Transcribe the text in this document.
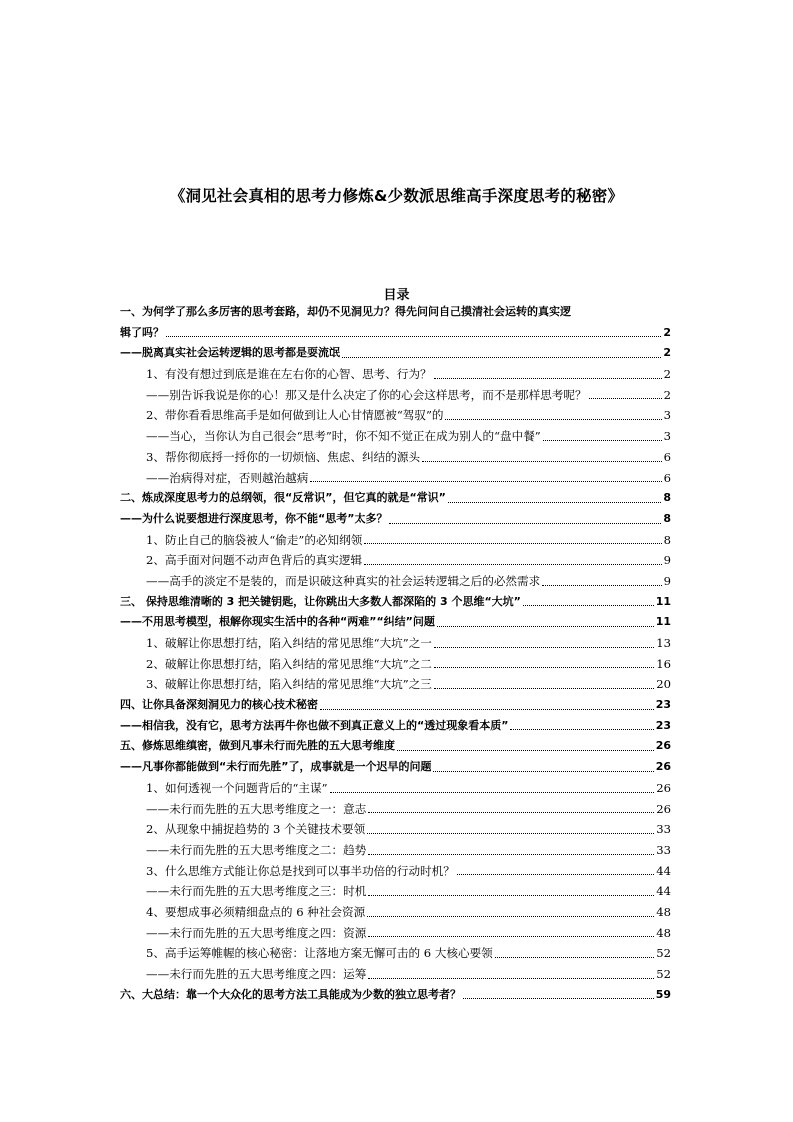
《洞见社会真相的思考力修炼&少数派思维高手深度思考的秘密》
目录
一、为何学了那么多厉害的思考套路，却仍不见洞见力？得先问问自己摸清社会运转的真实逻
辑了吗？	2
——脱离真实社会运转逻辑的思考都是耍流氓	2
1、有没有想过到底是谁在左右你的心智、思考、行为？	2
——别告诉我说是你的心！那又是什么决定了你的心会这样思考，而不是那样思考呢？	2
2、带你看看思维高手是如何做到让人心甘情愿被“驾驭”的	3
——当心，当你认为自己很会“思考”时，你不知不觉正在成为别人的“盘中餐”	3
3、帮你彻底捋一捋你的一切烦恼、焦虑、纠结的源头	6
——治病得对症，否则越治越病	6
二、炼成深度思考力的总纲领，很“反常识”，但它真的就是“常识”	8
——为什么说要想进行深度思考，你不能“思考”太多？	8
1、防止自己的脑袋被人“偷走”的必知纲领	8
2、高手面对问题不动声色背后的真实逻辑	9
——高手的淡定不是装的，而是识破这种真实的社会运转逻辑之后的必然需求	9
三、 保持思维清晰的 3 把关键钥匙，让你跳出大多数人都深陷的 3 个思维“大坑”	11
——不用思考模型，根解你现实生活中的各种“两难”“纠结”问题	11
1、破解让你思想打结，陷入纠结的常见思维“大坑”之一	13
2、破解让你思想打结，陷入纠结的常见思维“大坑”之二	16
3、破解让你思想打结，陷入纠结的常见思维“大坑”之三	20
四、让你具备深刻洞见力的核心技术秘密	23
——相信我，没有它，思考方法再牛你也做不到真正意义上的“透过现象看本质”	23
五、修炼思维缜密，做到凡事未行而先胜的五大思考维度	26
——凡事你都能做到“未行而先胜”了，成事就是一个迟早的问题	26
1、如何透视一个问题背后的“主谋”	26
——未行而先胜的五大思考维度之一：意志	26
2、从现象中捕捉趋势的 3 个关键技术要领	33
——未行而先胜的五大思考维度之二：趋势	33
3、什么思维方式能让你总是找到可以事半功倍的行动时机？	44
——未行而先胜的五大思考维度之三：时机	44
4、要想成事必须精细盘点的 6 种社会资源	48
——未行而先胜的五大思考维度之四：资源	48
5、高手运筹帷幄的核心秘密：让落地方案无懈可击的 6 大核心要领	52
——未行而先胜的五大思考维度之四：运筹	52
六、大总结：靠一个大众化的思考方法工具能成为少数的独立思考者？	59
